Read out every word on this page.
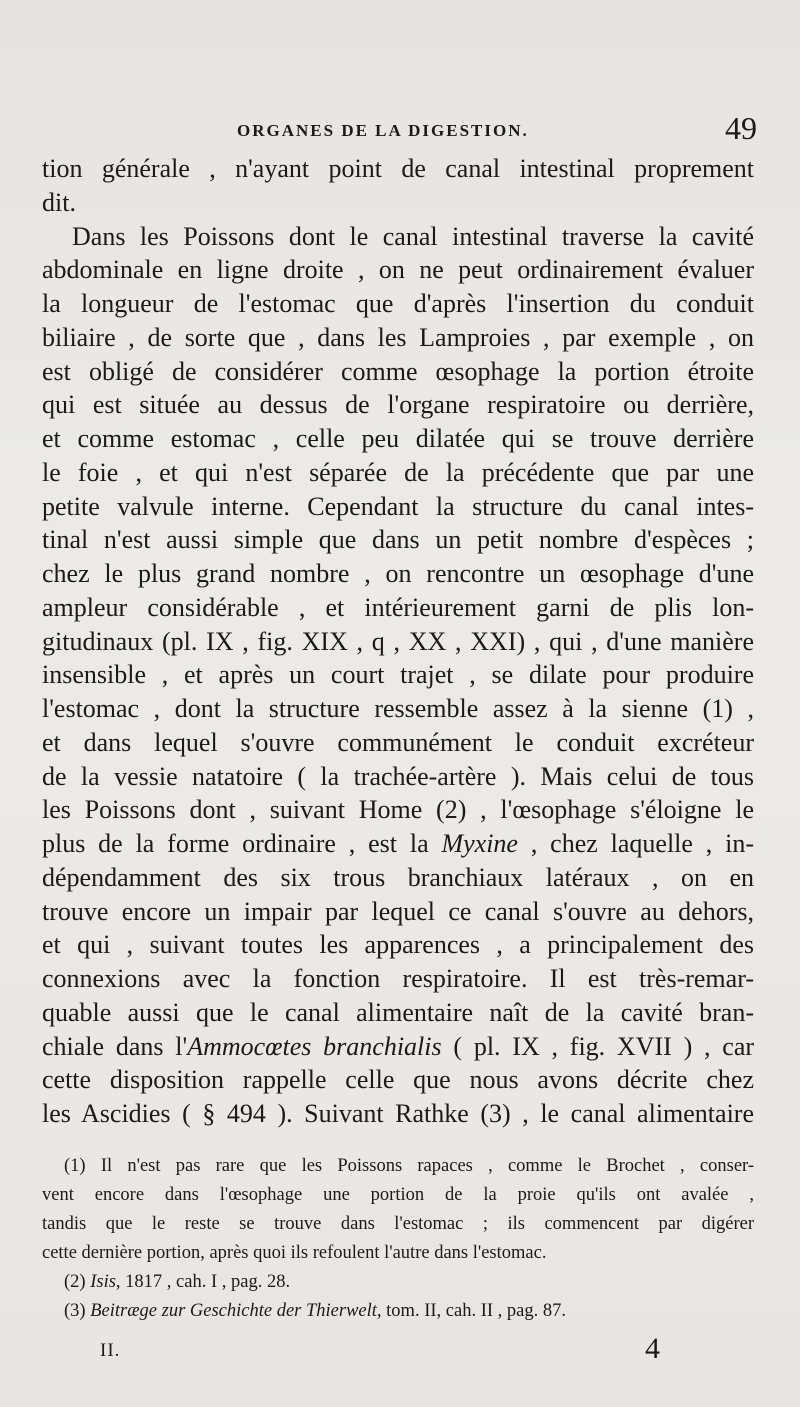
ORGANES DE LA DIGESTION.	49
tion générale , n'ayant point de canal intestinal proprement
dit.
Dans les Poissons dont le canal intestinal traverse la cavité
abdominale en ligne droite , on ne peut ordinairement évaluer
la longueur de l'estomac que d'après l'insertion du conduit
biliaire , de sorte que , dans les Lamproies , par exemple , on
est obligé de considérer comme œsophage la portion étroite
qui est située au dessus de l'organe respiratoire ou derrière,
et comme estomac , celle peu dilatée qui se trouve derrière
le foie , et qui n'est séparée de la précédente que par une
petite valvule interne. Cependant la structure du canal intes-
tinal n'est aussi simple que dans un petit nombre d'espèces ;
chez le plus grand nombre , on rencontre un œsophage d'une
ampleur considérable , et intérieurement garni de plis lon-
gitudinaux (pl. IX , fig. XIX , q , XX , XXI) , qui , d'une manière
insensible , et après un court trajet , se dilate pour produire
l'estomac , dont la structure ressemble assez à la sienne (1) ,
et dans lequel s'ouvre communément le conduit excréteur
de la vessie natatoire ( la trachée-artère ). Mais celui de tous
les Poissons dont , suivant Home (2) , l'œsophage s'éloigne le
plus de la forme ordinaire , est la Myxine , chez laquelle , in-
dépendamment des six trous branchiaux latéraux , on en
trouve encore un impair par lequel ce canal s'ouvre au dehors,
et qui , suivant toutes les apparences , a principalement des
connexions avec la fonction respiratoire. Il est très-remar-
quable aussi que le canal alimentaire naît de la cavité bran-
chiale dans l'Ammocœtes branchialis ( pl. IX , fig. XVII ) , car
cette disposition rappelle celle que nous avons décrite chez
les Ascidies ( § 494 ). Suivant Rathke (3) , le canal alimentaire
(1) Il n'est pas rare que les Poissons rapaces , comme le Brochet , conser-
vent encore dans l'œsophage une portion de la proie qu'ils ont avalée ,
tandis que le reste se trouve dans l'estomac ; ils commencent par digérer
cette dernière portion, après quoi ils refoulent l'autre dans l'estomac.
(2) Isis, 1817 , cah. I , pag. 28.
(3) Beitræge zur Geschichte der Thierwelt, tom. II, cah. II , pag. 87.
II.	4
